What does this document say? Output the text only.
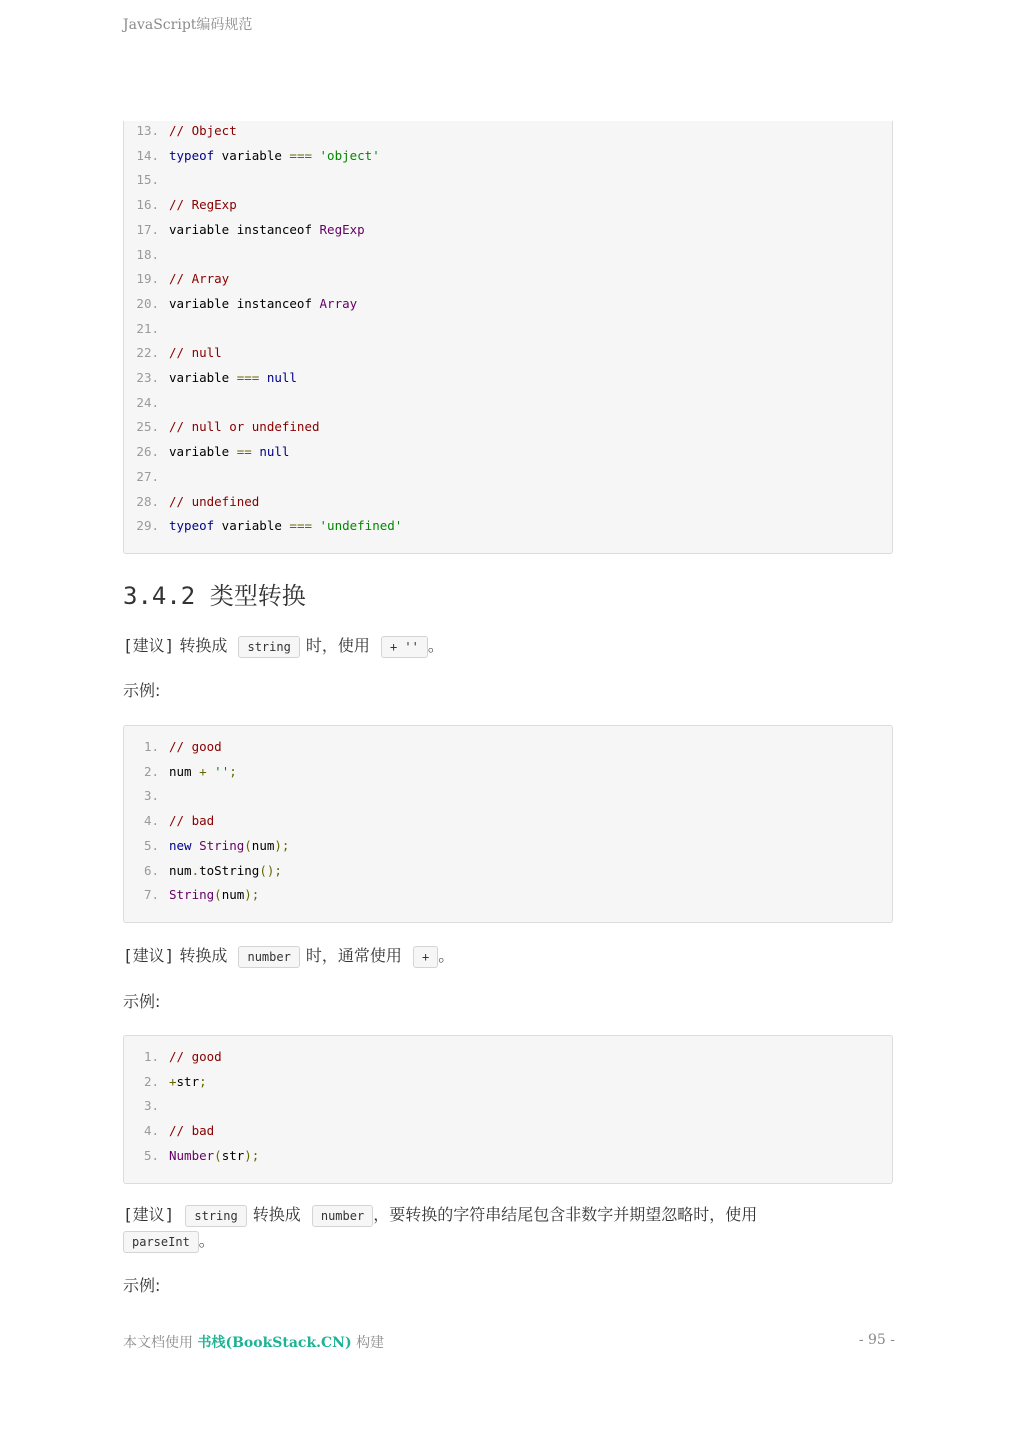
JavaScript编码规范
13. // Object
14. typeof variable === 'object'
15.
16. // RegExp
17. variable instanceof RegExp
18.
19. // Array
20. variable instanceof Array
21.
22. // null
23. variable === null
24.
25. // null or undefined
26. variable == null
27.
28. // undefined
29. typeof variable === 'undefined'
3.4.2 类型转换
[建议] 转换成 string 时，使用 + '' 。
示例:
1. // good
2. num + '';
3.
4. // bad
5. new String(num);
6. num.toString();
7. String(num);
[建议] 转换成 number 时，通常使用 + 。
示例:
1. // good
2. +str;
3.
4. // bad
5. Number(str);
[建议] string 转换成 number ，要转换的字符串结尾包含非数字并期望忽略时，使用
parseInt 。
示例:
本文档使用 书栈(BookStack.CN) 构建	- 95 -
